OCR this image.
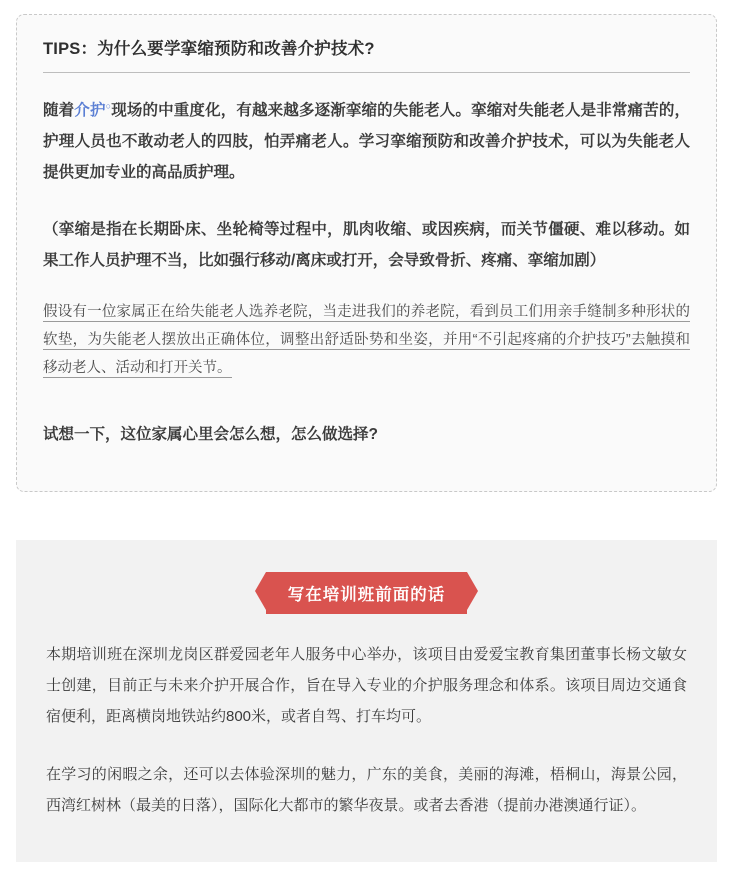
TIPS：为什么要学挛缩预防和改善介护技术?

随着介护○现场的中重度化，有越来越多逐渐挛缩的失能老人。挛缩对失能老人是非常痛苦的，护理人员也不敢动老人的四肢，怕弄痛老人。学习挛缩预防和改善介护技术，可以为失能老人提供更加专业的高品质护理。

（挛缩是指在长期卧床、坐轮椅等过程中，肌肉收缩、或因疾病，而关节僵硬、难以移动。如果工作人员护理不当，比如强行移动/离床或打开，会导致骨折、疼痛、挛缩加剧）

假设有一位家属正在给失能老人选养老院，当走进我们的养老院，看到员工们用亲手缝制多种形状的软垫，为失能老人摆放出正确体位，调整出舒适卧势和坐姿，并用“不引起疼痛的介护技巧”去触摸和移动老人、活动和打开关节。

试想一下，这位家属心里会怎么想，怎么做选择?

写在培训班前面的话

本期培训班在深圳龙岗区群爱园老年人服务中心举办，该项目由爱爱宝教育集团董事长杨文敏女士创建，目前正与未来介护开展合作，旨在导入专业的介护服务理念和体系。该项目周边交通食宿便利，距离横岗地铁站约800米，或者自驾、打车均可。

在学习的闲暇之余，还可以去体验深圳的魅力，广东的美食，美丽的海滩，梧桐山，海景公园，西湾红树林（最美的日落），国际化大都市的繁华夜景。或者去香港（提前办港澳通行证）。
